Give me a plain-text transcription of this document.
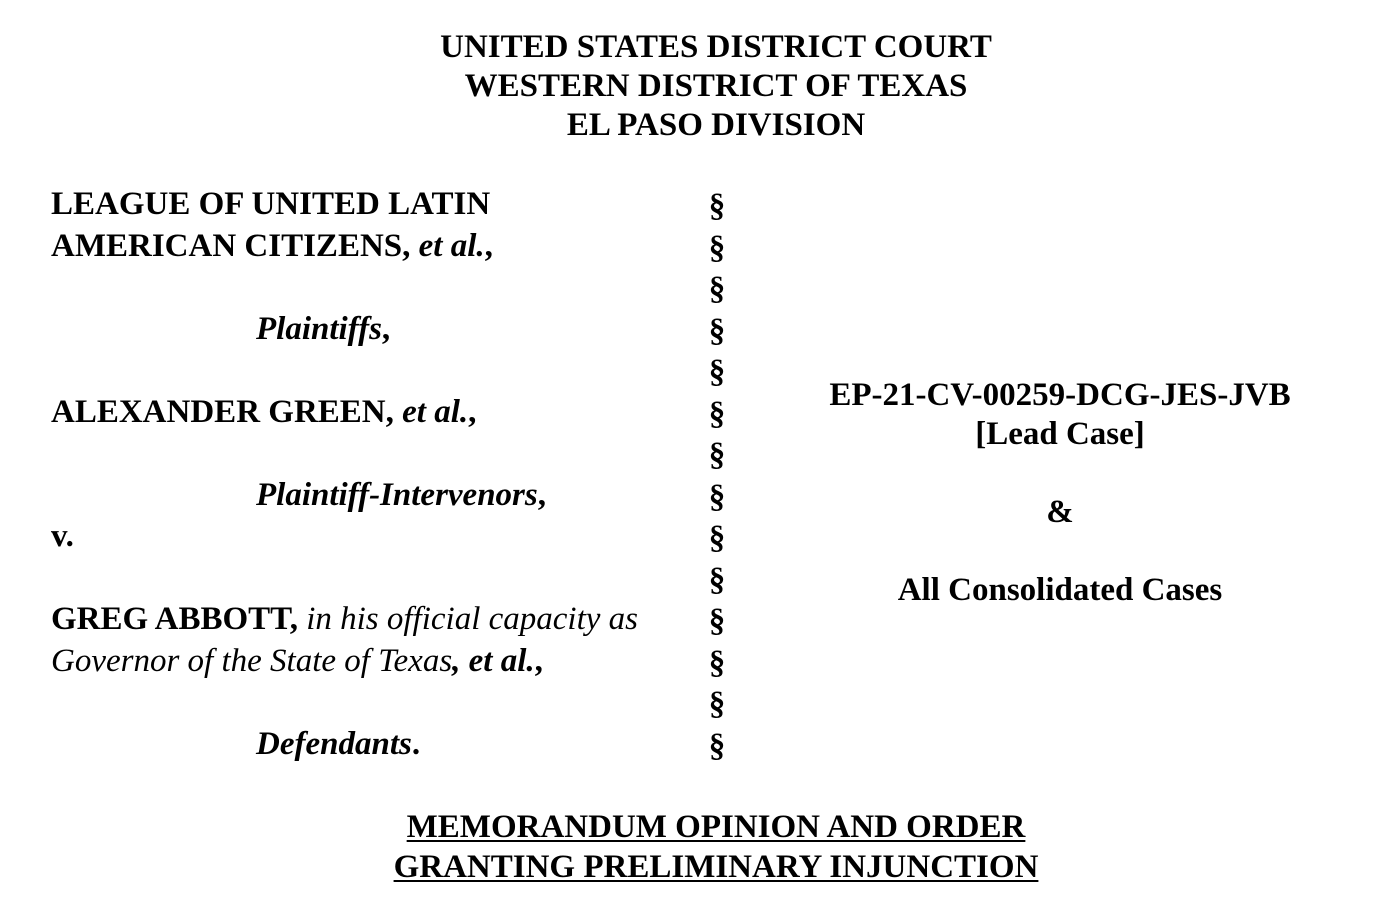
UNITED STATES DISTRICT COURT
WESTERN DISTRICT OF TEXAS
EL PASO DIVISION
LEAGUE OF UNITED LATIN
AMERICAN CITIZENS, et al.,
Plaintiffs,
ALEXANDER GREEN, et al.,
Plaintiff-Intervenors,
v.
GREG ABBOTT, in his official capacity as
Governor of the State of Texas, et al.,
Defendants.
§
§
§
§
§
§
§
§
§
§
§
§
§
§
EP-21-CV-00259-DCG-JES-JVB
[Lead Case]
&
All Consolidated Cases
MEMORANDUM OPINION AND ORDER
GRANTING PRELIMINARY INJUNCTION
